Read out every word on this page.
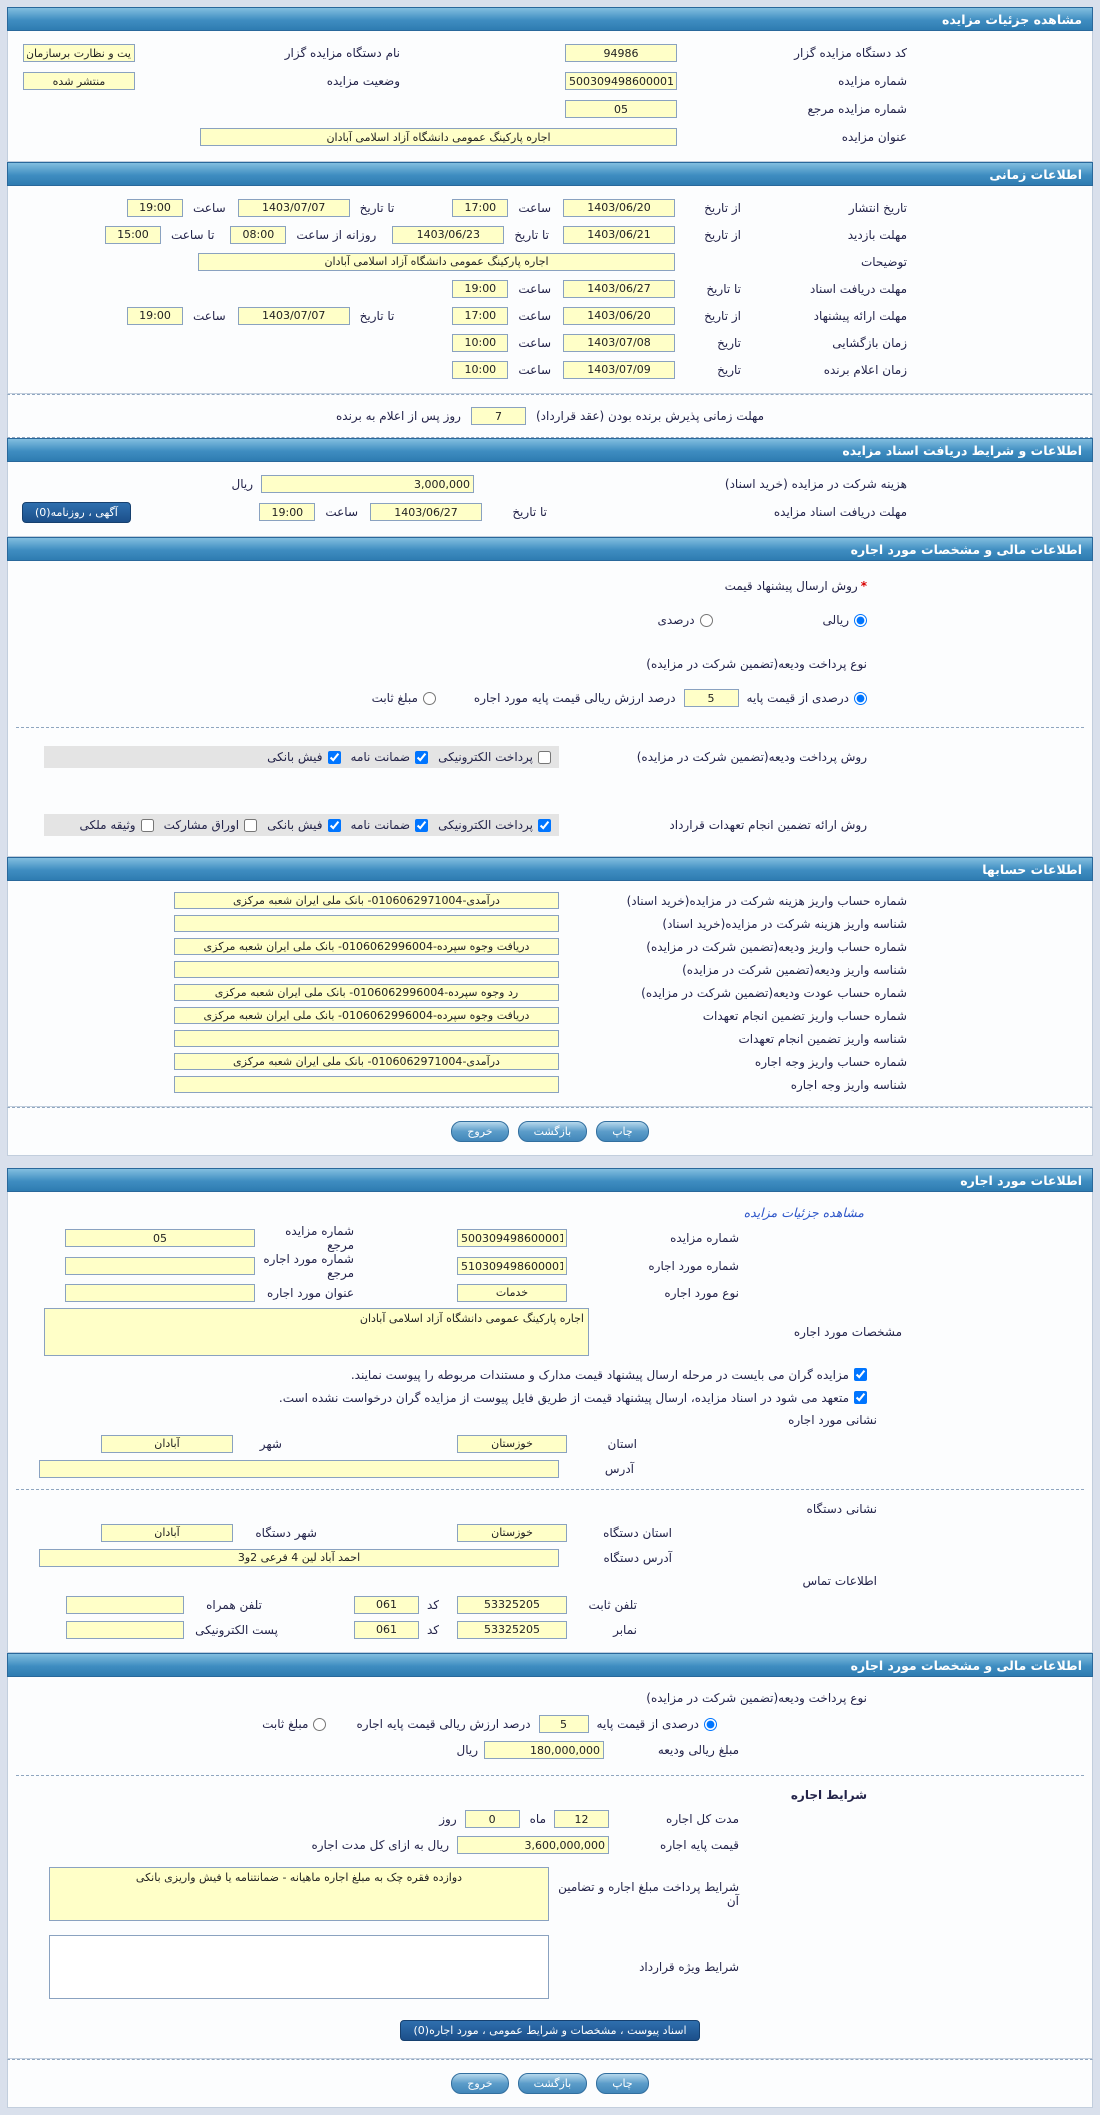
مشاهده جزئیات مزایده
کد دستگاه مزایده گزار
94986
نام دستگاه مزایده گزار
یت و نظارت برسازمان تاکس
شماره مزایده
5003094986000016
وضعیت مزایده
منتشر شده
شماره مزایده مرجع
05
عنوان مزایده
اجاره پارکینگ عمومی دانشگاه آزاد اسلامی آبادان
اطلاعات زمانی
تاریخ انتشار
از تاریخ
1403/06/20
ساعت
17:00
تا تاریخ
1403/07/07
ساعت
19:00
مهلت بازدید
از تاریخ
1403/06/21
تا تاریخ
1403/06/23
روزانه از ساعت
08:00
تا ساعت
15:00
توضیحات
اجاره پارکینگ عمومی دانشگاه آزاد اسلامی آبادان
مهلت دریافت اسناد
تا تاریخ
1403/06/27
ساعت
19:00
مهلت ارائه پیشنهاد
از تاریخ
1403/06/20
ساعت
17:00
تا تاریخ
1403/07/07
ساعت
19:00
زمان بازگشایی
تاریخ
1403/07/08
ساعت
10:00
زمان اعلام برنده
تاریخ
1403/07/09
ساعت
10:00
مهلت زمانی پذیرش برنده بودن (عقد قرارداد)
7
روز پس از اعلام به برنده
اطلاعات و شرایط دریافت اسناد مزایده
هزینه شرکت در مزایده (خرید اسناد)
3,000,000
ریال
مهلت دریافت اسناد مزایده
تا تاریخ
1403/06/27
ساعت
19:00
آگهی ، روزنامه(0)
اطلاعات مالی و مشخصات مورد اجاره
*
روش ارسال پیشنهاد قیمت
ریالی
درصدی
نوع پرداخت ودیعه(تضمین شرکت در مزایده)
درصدی از قیمت پایه
5
درصد ارزش ریالی قیمت پایه مورد اجاره
مبلغ ثابت
روش پرداخت ودیعه(تضمین شرکت در مزایده)
پرداخت الکترونیکی
ضمانت نامه
فیش بانکی
روش ارائه تضمین انجام تعهدات قرارداد
پرداخت الکترونیکی
ضمانت نامه
فیش بانکی
اوراق مشارکت
وثیقه ملکی
اطلاعات حسابها
شماره حساب واریز هزینه شرکت در مزایده(خرید اسناد)
درآمدی-0106062971004- بانک ملی ایران شعبه مرکزی
شناسه واریز هزینه شرکت در مزایده(خرید اسناد)
شماره حساب واریز ودیعه(تضمین شرکت در مزایده)
دریافت وجوه سپرده-0106062996004- بانک ملی ایران شعبه مرکزی
شناسه واریز ودیعه(تضمین شرکت در مزایده)
شماره حساب عودت ودیعه(تضمین شرکت در مزایده)
رد وجوه سپرده-0106062996004- بانک ملی ایران شعبه مرکزی
شماره حساب واریز تضمین انجام تعهدات
دریافت وجوه سپرده-0106062996004- بانک ملی ایران شعبه مرکزی
شناسه واریز تضمین انجام تعهدات
شماره حساب واریز وجه اجاره
درآمدی-0106062971004- بانک ملی ایران شعبه مرکزی
شناسه واریز وجه اجاره
چاپ
بازگشت
خروج
اطلاعات مورد اجاره
مشاهده جزئیات مزایده
شماره مزایده
5003094986000016
شماره مزایده مرجع
05
شماره مورد اجاره
5103094986000016
شماره مورد اجاره مرجع
نوع مورد اجاره
خدمات
عنوان مورد اجاره
مشخصات مورد اجاره
اجاره پارکینگ عمومی دانشگاه آزاد اسلامی آبادان
مزایده گران می بایست در مرحله ارسال پیشنهاد قیمت مدارک و مستندات مربوطه را پیوست نمایند.
متعهد می شود در اسناد مزایده، ارسال پیشنهاد قیمت از طریق فایل پیوست از مزایده گران درخواست نشده است.
نشانی مورد اجاره
استان
خوزستان
شهر
آبادان
آدرس
نشانی دستگاه
استان دستگاه
خوزستان
شهر دستگاه
آبادان
آدرس دستگاه
احمد آباد لین 4 فرعی 2و3
اطلاعات تماس
تلفن ثابت
53325205
کد
061
تلفن همراه
نمابر
53325205
کد
061
پست الکترونیکی
اطلاعات مالی و مشخصات مورد اجاره
نوع پرداخت ودیعه(تضمین شرکت در مزایده)
درصدی از قیمت پایه
5
درصد ارزش ریالی قیمت پایه اجاره
مبلغ ثابت
مبلغ ریالی ودیعه
180,000,000
ریال
شرایط اجاره
مدت کل اجاره
12
ماه
0
روز
قیمت پایه اجاره
3,600,000,000
ریال به ازای کل مدت اجاره
شرایط پرداخت مبلغ اجاره و تضامین آن
دوازده فقره چک به مبلغ اجاره ماهیانه - ضمانتنامه یا فیش واریزی بانکی
شرایط ویژه قرارداد
اسناد پیوست ، مشخصات و شرایط عمومی ، مورد اجاره(0)
چاپ
بازگشت
خروج
